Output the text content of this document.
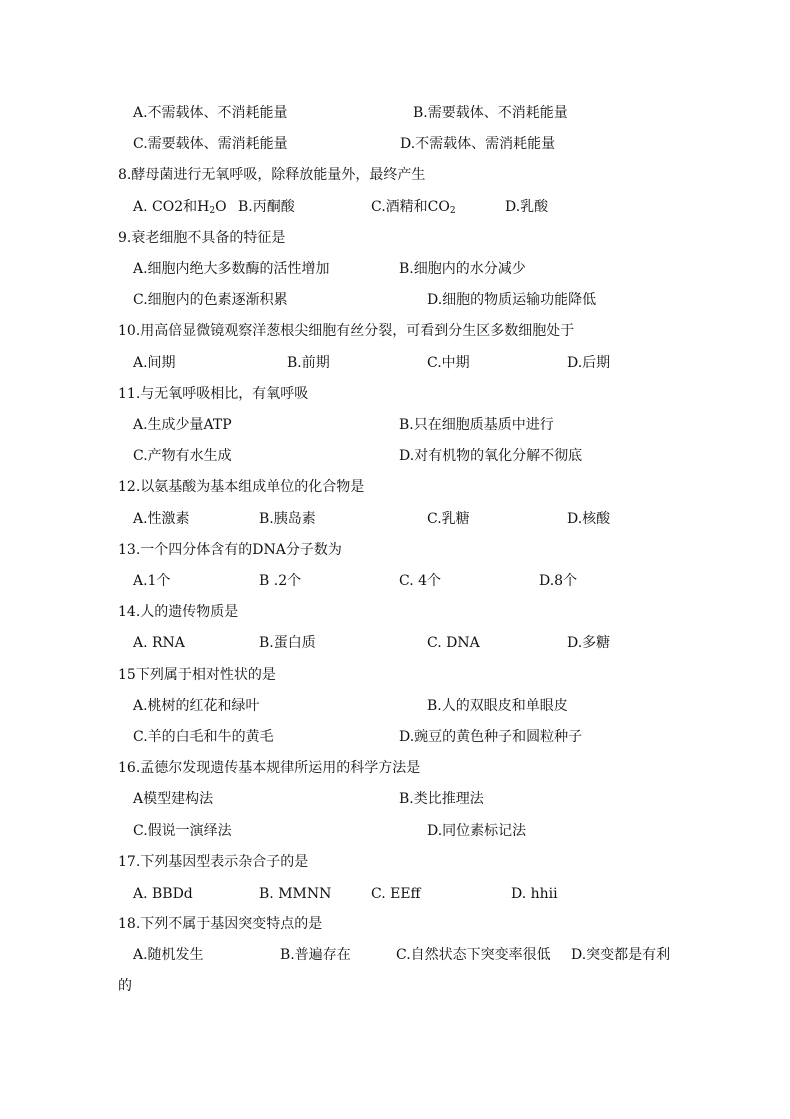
A.不需载体、不消耗能量	B.需要载体、不消耗能量
C.需要载体、需消耗能量	D.不需载体、需消耗能量
8.酵母菌进行无氧呼吸，除释放能量外，最终产生
A. CO2和$H_2O$ B.丙酮酸	C.酒精和$CO_2$	D.乳酸
9.衰老细胞不具备的特征是
A.细胞内绝大多数酶的活性增加	B.细胞内的水分减少
C.细胞内的色素逐渐积累	D.细胞的物质运输功能降低
10.用高倍显微镜观察洋葱根尖细胞有丝分裂，可看到分生区多数细胞处于
A.间期	B.前期	C.中期	D.后期
11.与无氧呼吸相比，有氧呼吸
A.生成少量ATP	B.只在细胞质基质中进行
C.产物有水生成	D.对有机物的氧化分解不彻底
12.以氨基酸为基本组成单位的化合物是
A.性激素	B.胰岛素	C.乳糖	D.核酸
13.一个四分体含有的DNA分子数为
A.1个	B .2个	C. 4个	D.8个
14.人的遗传物质是
A. RNA	B.蛋白质	C. DNA	D.多糖
15下列属于相对性状的是
A.桃树的红花和绿叶	B.人的双眼皮和单眼皮
C.羊的白毛和牛的黄毛	D.豌豆的黄色种子和圆粒种子
16.孟德尔发现遗传基本规律所运用的科学方法是
A模型建构法	B.类比推理法
C.假说一演绎法	D.同位素标记法
17.下列基因型表示杂合子的是
A. BBDd	B. MMNN	C. EEff	D. hhii
18.下列不属于基因突变特点的是
A.随机发生	B.普遍存在	C.自然状态下突变率很低 D.突变都是有利
的
